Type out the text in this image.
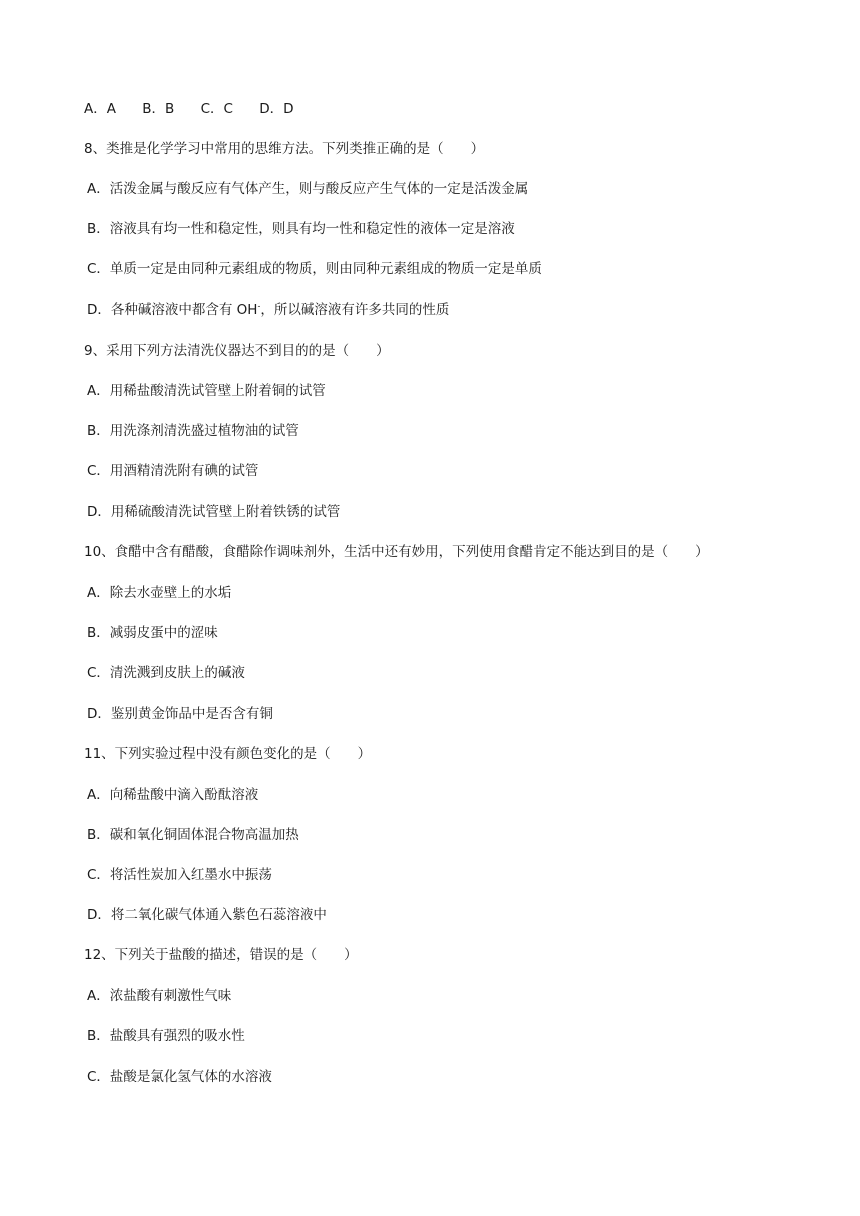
A．A B．B C．C D．D
8、类推是化学学习中常用的思维方法。下列类推正确的是（　　）
A．活泼金属与酸反应有气体产生，则与酸反应产生气体的一定是活泼金属
B．溶液具有均一性和稳定性，则具有均一性和稳定性的液体一定是溶液
C．单质一定是由同种元素组成的物质，则由同种元素组成的物质一定是单质
D．各种碱溶液中都含有 OH-，所以碱溶液有许多共同的性质
9、采用下列方法清洗仪器达不到目的的是（　　）
A．用稀盐酸清洗试管壁上附着铜的试管
B．用洗涤剂清洗盛过植物油的试管
C．用酒精清洗附有碘的试管
D．用稀硫酸清洗试管壁上附着铁锈的试管
10、食醋中含有醋酸，食醋除作调味剂外，生活中还有妙用，下列使用食醋肯定不能达到目的是（　　）
A．除去水壶壁上的水垢
B．减弱皮蛋中的涩味
C．清洗溅到皮肤上的碱液
D．鉴别黄金饰品中是否含有铜
11、下列实验过程中没有颜色变化的是（　　）
A．向稀盐酸中滴入酚酞溶液
B．碳和氧化铜固体混合物高温加热
C．将活性炭加入红墨水中振荡
D．将二氧化碳气体通入紫色石蕊溶液中
12、下列关于盐酸的描述，错误的是（　　）
A．浓盐酸有刺激性气味
B．盐酸具有强烈的吸水性
C．盐酸是氯化氢气体的水溶液
